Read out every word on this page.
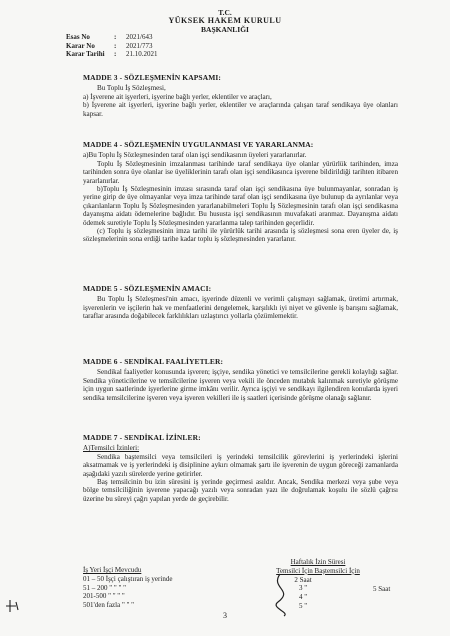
T.C.
YÜKSEK HAKEM KURULU
BAŞKANLIĞI
Esas No	:	2021/643
Karar No	:	2021/773
Karar Tarihi	:	21.10.2021
MADDE 3 - SÖZLEŞMENİN KAPSAMI:

Bu Toplu İş Sözleşmesi,

a) İşverene ait işyerleri, işyerine bağlı yerler, eklentiler ve araçları,

b) İşverene ait işyerleri, işyerine bağlı yerler, eklentiler ve araçlarında çalışan taraf sendikaya üye olanları kapsar.

MADDE 4 - SÖZLEŞMENİN UYGULANMASI VE YARARLANMA:

a)Bu Toplu İş Sözleşmesinden taraf olan işçi sendikasının üyeleri yararlanırlar.

Toplu İş Sözleşmesinin imzalanması tarihinde taraf sendikaya üye olanlar yürürlük tarihinden, imza tarihinden sonra üye olanlar ise üyeliklerinin tarafı olan işçi sendikasınca işverene bildirildiği tarihten itibaren yararlanırlar.

b)Toplu İş Sözleşmesinin imzası sırasında taraf olan işçi sendikasına üye bulunmayanlar, sonradan iş yerine girip de üye olmayanlar veya imza tarihinde taraf olan işçi sendikasına üye bulunup da ayrılanlar veya çıkarılanların Toplu İş Sözleşmesinden yararlanabilmeleri Toplu İş Sözleşmesinin tarafı olan işçi sendikasına dayanışma aidatı ödemelerine bağlıdır. Bu hususta işçi sendikasının muvafakati aranmaz. Dayanışma aidatı ödemek suretiyle Toplu İş Sözleşmesinden yararlanma talep tarihinden geçerlidir.

(c) Toplu iş sözleşmesinin imza tarihi ile yürürlük tarihi arasında iş sözleşmesi sona eren üyeler de, iş sözleşmelerinin sona erdiği tarihe kadar toplu iş sözleşmesinden yararlanır.

MADDE 5 - SÖZLEŞMENİN AMACI:

Bu Toplu İş Sözleşmesi'nin amacı, işyerinde düzenli ve verimli çalışmayı sağlamak, üretimi artırmak, işverenlerin ve işçilerin hak ve menfaatlerini dengelemek, karşılıklı iyi niyet ve güvenle iş barışını sağlamak, taraflar arasında doğabilecek farklılıkları uzlaştırıcı yollarla çözümlemektir.

MADDE 6 - SENDİKAL FAALİYETLER:

Sendikal faaliyetler konusunda işveren; işçiye, sendika yönetici ve temsilcilerine gerekli kolaylığı sağlar. Sendika yöneticilerine ve temsilcilerine işveren veya vekili ile önceden mutabık kalınmak suretiyle görüşme için uygun saatlerinde işyerlerine girme imkânı verilir. Ayrıca işçiyi ve sendikayı ilgilendiren konularda işyeri sendika temsilcilerine işveren veya işveren vekilleri ile iş saatleri içerisinde görüşme olanağı sağlanır.

MADDE 7 - SENDİKAL İZİNLER:

A)Temsilci İzinleri:

Sendika baştemsilci veya temsilcileri iş yerindeki temsilcilik görevlerini iş yerlerindeki işlerini aksatmamak ve iş yerlerindeki iş disiplinine aykırı olmamak şartı ile işverenin de uygun göreceği zamanlarda aşağıdaki yazılı sürelerde yerine getirirler.

Baş temsilcinin bu izin süresini iş yerinde geçirmesi asıldır. Ancak, Sendika merkezi veya şube veya bölge temsilciliğinin işverene yapacağı yazılı veya sonradan yazı ile doğrulamak koşulu ile sözlü çağrısı üzerine bu süreyi çağrı yapılan yerde de geçirebilir.

İş Yeri İşçi Mevcudu
01 – 50 İşçi çalıştıran iş yerinde
51 – 200 " " " "
201-500 " " " "
501'den fazla " " "
Haftalık İzin Süresi
Temsilci İçin Baştemsilci İçin
2 Saat
3 "
4 "
5 "
5 Saat
3
